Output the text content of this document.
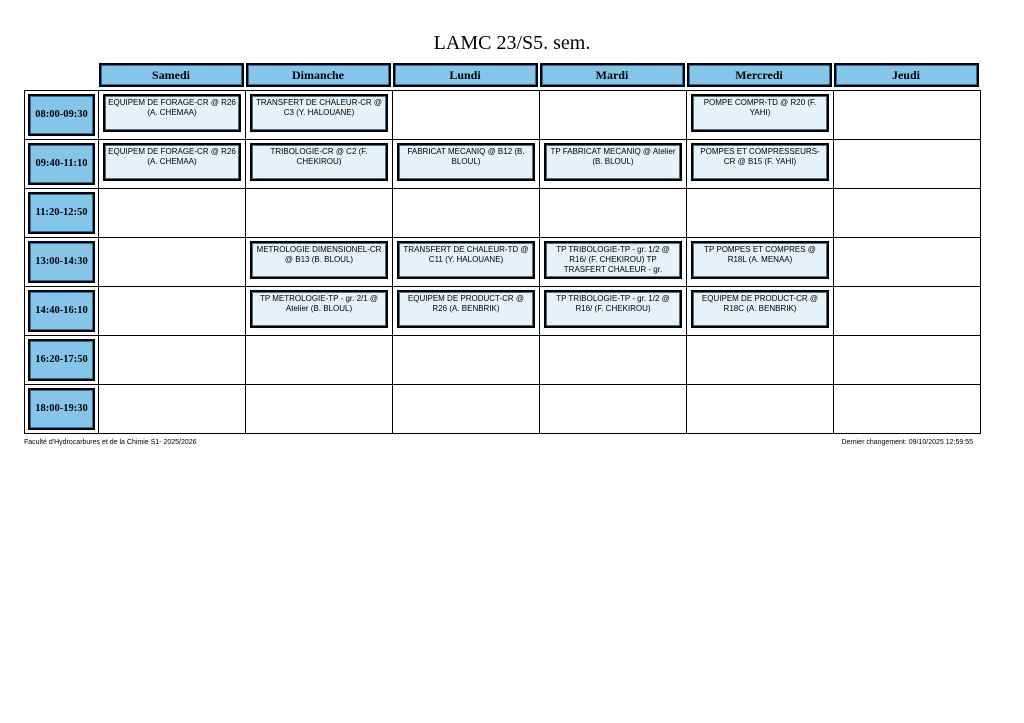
LAMC 23/S5. sem.

	Samedi	Dimanche	Lundi	Mardi	Mercredi	Jeudi

08:00-09:30	EQUIPEM DE FORAGE-CR @ R26 (A. CHEMAA)	TRANSFERT DE CHALEUR-CR @ C3 (Y. HALOUANE)			POMPE COMPR-TD @ R20 (F. YAHI)	

09:40-11:10	EQUIPEM DE FORAGE-CR @ R26 (A. CHEMAA)	TRIBOLOGIE-CR @ C2 (F. CHEKIROU)	FABRICAT MECANIQ @ B12 (B. BLOUL)	TP FABRICAT MECANIQ @ Atelier (B. BLOUL)	POMPES ET COMPRESSEURS-CR @ B15 (F. YAHI)	

11:20-12:50						

13:00-14:30		METROLOGIE DIMENSIONEL-CR @ B13 (B. BLOUL)	TRANSFERT DE CHALEUR-TD @ C11 (Y. HALOUANE)	TP TRIBOLOGIE-TP - gr. 1/2 @ R16/ (F. CHEKIROU) TP TRASFERT CHALEUR - gr.	TP POMPES ET COMPRES @ R18L (A. MENAA)	

14:40-16:10		TP METROLOGIE-TP - gr. 2/1 @ Atelier (B. BLOUL)	EQUIPEM DE PRODUCT-CR @ R26 (A. BENBRIK)	TP TRIBOLOGIE-TP - gr. 1/2 @ R16/ (F. CHEKIROU)	EQUIPEM DE PRODUCT-CR @ R18C (A. BENBRIK)	

16:20-17:50						

18:00-19:30						

Faculté d'Hydrocarbures et de la Chimie S1- 2025/2026	Dernier changement: 09/10/2025 12:59:55
